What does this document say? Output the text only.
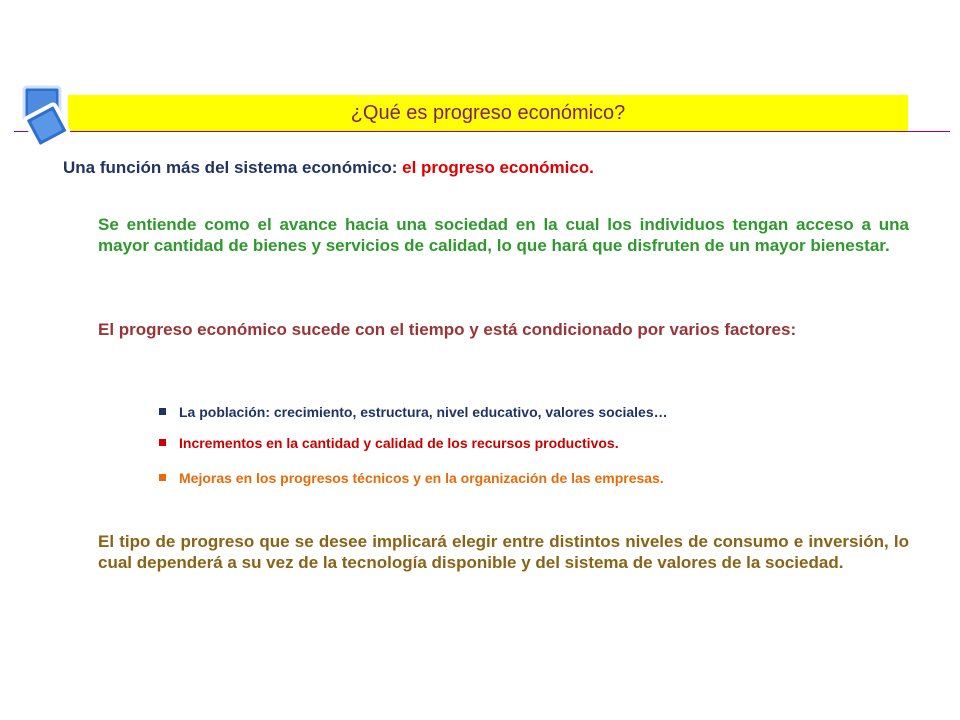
¿Qué es progreso económico?
Una función más del sistema económico: el progreso económico.
Se entiende como el avance hacia una sociedad en la cual los individuos tengan acceso a una mayor cantidad de bienes y servicios de calidad, lo que hará que disfruten de un mayor bienestar.
El progreso económico sucede con el tiempo y está condicionado por varios factores:
La población: crecimiento, estructura, nivel educativo, valores sociales…
Incrementos en la cantidad y calidad de los recursos productivos.
Mejoras en los progresos técnicos y en la organización de las empresas.
El tipo de progreso que se desee implicará elegir entre distintos niveles de consumo e inversión, lo cual dependerá a su vez de la tecnología disponible y del sistema de valores de la sociedad.
